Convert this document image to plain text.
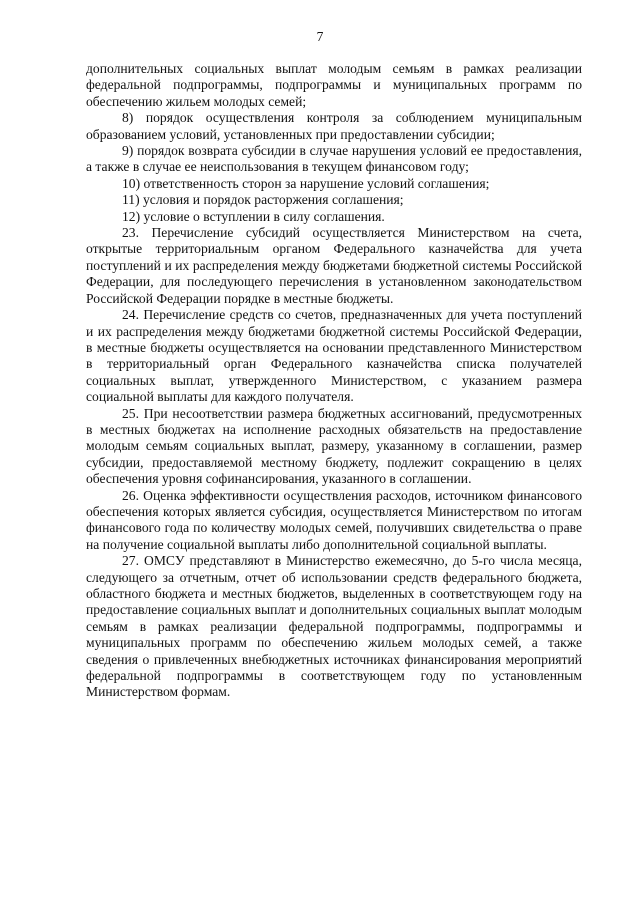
7

дополнительных социальных выплат молодым семьям в рамках реализации федеральной подпрограммы, подпрограммы и муниципальных программ по обеспечению жильем молодых семей;

8) порядок осуществления контроля за соблюдением муниципальным образованием условий, установленных при предоставлении субсидии;

9) порядок возврата субсидии в случае нарушения условий ее предоставления, а также в случае ее неиспользования в текущем финансовом году;

10) ответственность сторон за нарушение условий соглашения;

11) условия и порядок расторжения соглашения;

12) условие о вступлении в силу соглашения.

23. Перечисление субсидий осуществляется Министерством на счета, открытые территориальным органом Федерального казначейства для учета поступлений и их распределения между бюджетами бюджетной системы Российской Федерации, для последующего перечисления в установленном законодательством Российской Федерации порядке в местные бюджеты.

24. Перечисление средств со счетов, предназначенных для учета поступлений и их распределения между бюджетами бюджетной системы Российской Федерации, в местные бюджеты осуществляется на основании представленного Министерством в территориальный орган Федерального казначейства списка получателей социальных выплат, утвержденного Министерством, с указанием размера социальной выплаты для каждого получателя.

25. При несоответствии размера бюджетных ассигнований, предусмотренных в местных бюджетах на исполнение расходных обязательств на предоставление молодым семьям социальных выплат, размеру, указанному в соглашении, размер субсидии, предоставляемой местному бюджету, подлежит сокращению в целях обеспечения уровня софинансирования, указанного в соглашении.

26. Оценка эффективности осуществления расходов, источником финансового обеспечения которых является субсидия, осуществляется Министерством по итогам финансового года по количеству молодых семей, получивших свидетельства о праве на получение социальной выплаты либо дополнительной социальной выплаты.

27. ОМСУ представляют в Министерство ежемесячно, до 5-го числа месяца, следующего за отчетным, отчет об использовании средств федерального бюджета, областного бюджета и местных бюджетов, выделенных в соответствующем году на предоставление социальных выплат и дополнительных социальных выплат молодым семьям в рамках реализации федеральной подпрограммы, подпрограммы и муниципальных программ по обеспечению жильем молодых семей, а также сведения о привлеченных внебюджетных источниках финансирования мероприятий федеральной подпрограммы в соответствующем году по установленным Министерством формам.
